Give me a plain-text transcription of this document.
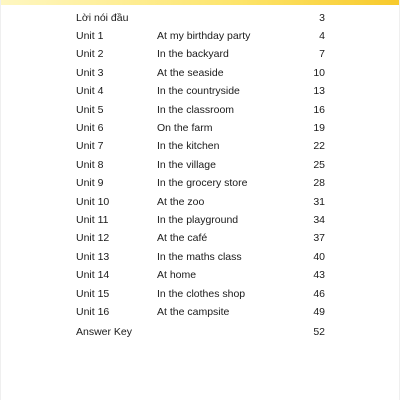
Lời nói đầu	3
Unit 1	At my birthday party	4
Unit 2	In the backyard	7
Unit 3	At the seaside	10
Unit 4	In the countryside	13
Unit 5	In the classroom	16
Unit 6	On the farm	19
Unit 7	In the kitchen	22
Unit 8	In the village	25
Unit 9	In the grocery store	28
Unit 10	At the zoo	31
Unit 11	In the playground	34
Unit 12	At the café	37
Unit 13	In the maths class	40
Unit 14	At home	43
Unit 15	In the clothes shop	46
Unit 16	At the campsite	49
Answer Key	52
